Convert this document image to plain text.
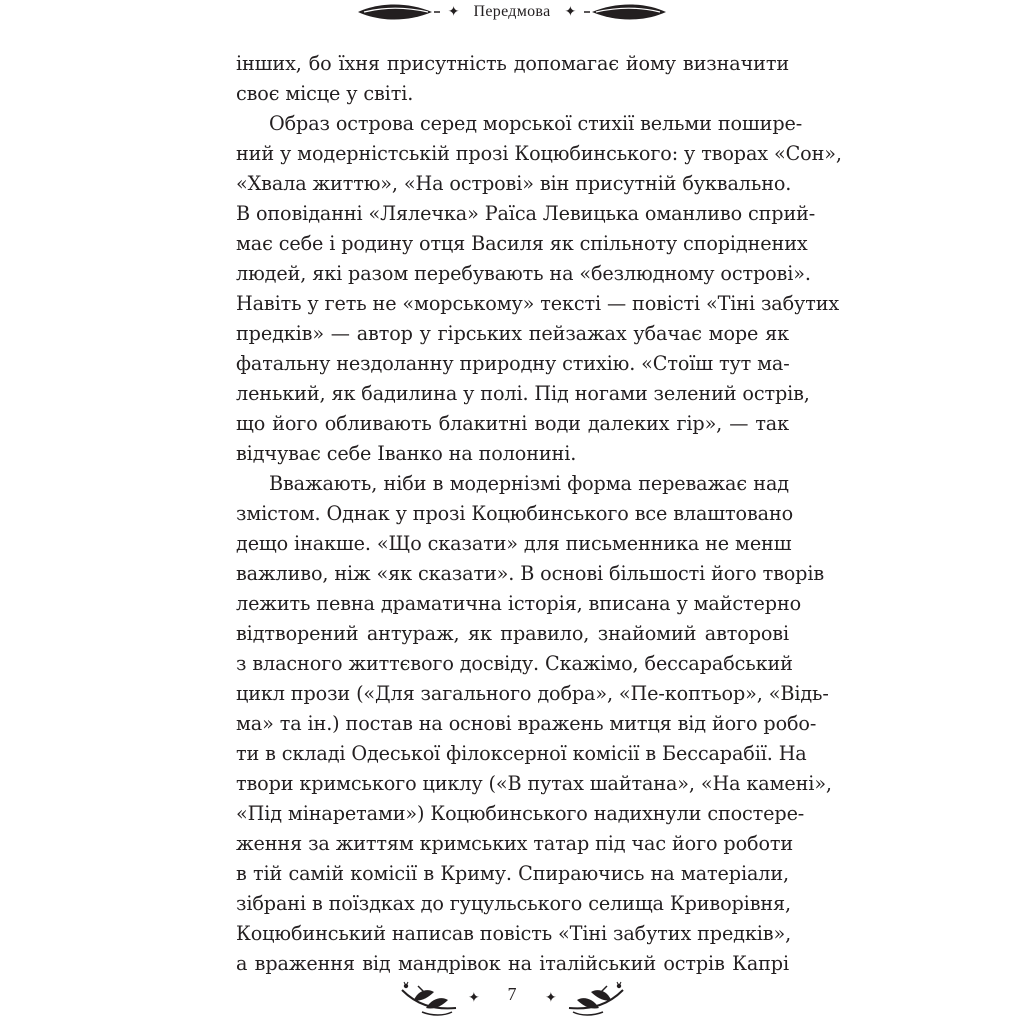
✦ Передмова ✦
інших, бо їхня присутність допомагає йому визначити
своє місце у світі.
Образ острова серед морської стихії вельми пошире-
ний у модерністській прозі Коцюбинського: у творах «Сон»,
«Хвала життю», «На острові» він присутній буквально.
В оповіданні «Лялечка» Раїса Левицька оманливо сприй-
має себе і родину отця Василя як спільноту споріднених
людей, які разом перебувають на «безлюдному острові».
Навіть у геть не «морському» тексті — повісті «Тіні забутих
предків» — автор у гірських пейзажах убачає море як
фатальну нездоланну природну стихію. «Стоїш тут ма-
ленький, як бадилина у полі. Під ногами зелений острів,
що його обливають блакитні води далеких гір», — так
відчуває себе Іванко на полонині.
Вважають, ніби в модернізмі форма переважає над
змістом. Однак у прозі Коцюбинського все влаштовано
дещо інакше. «Що сказати» для письменника не менш
важливо, ніж «як сказати». В основі більшості його творів
лежить певна драматична історія, вписана у майстерно
відтворений антураж, як правило, знайомий авторові
з власного життєвого досвіду. Скажімо, бессарабський
цикл прози («Для загального добра», «Пе-коптьор», «Відь-
ма» та ін.) постав на основі вражень митця від його робо-
ти в складі Одеської філоксерної комісії в Бессарабії. На
твори кримського циклу («В путах шайтана», «На камені»,
«Під мінаретами») Коцюбинського надихнули спостере-
ження за життям кримських татар під час його роботи
в тій самій комісії в Криму. Спираючись на матеріали,
зібрані в поїздках до гуцульського селища Криворівня,
Коцюбинський написав повість «Тіні забутих предків»,
а враження від мандрівок на італійський острів Капрі
✦	7	✦
